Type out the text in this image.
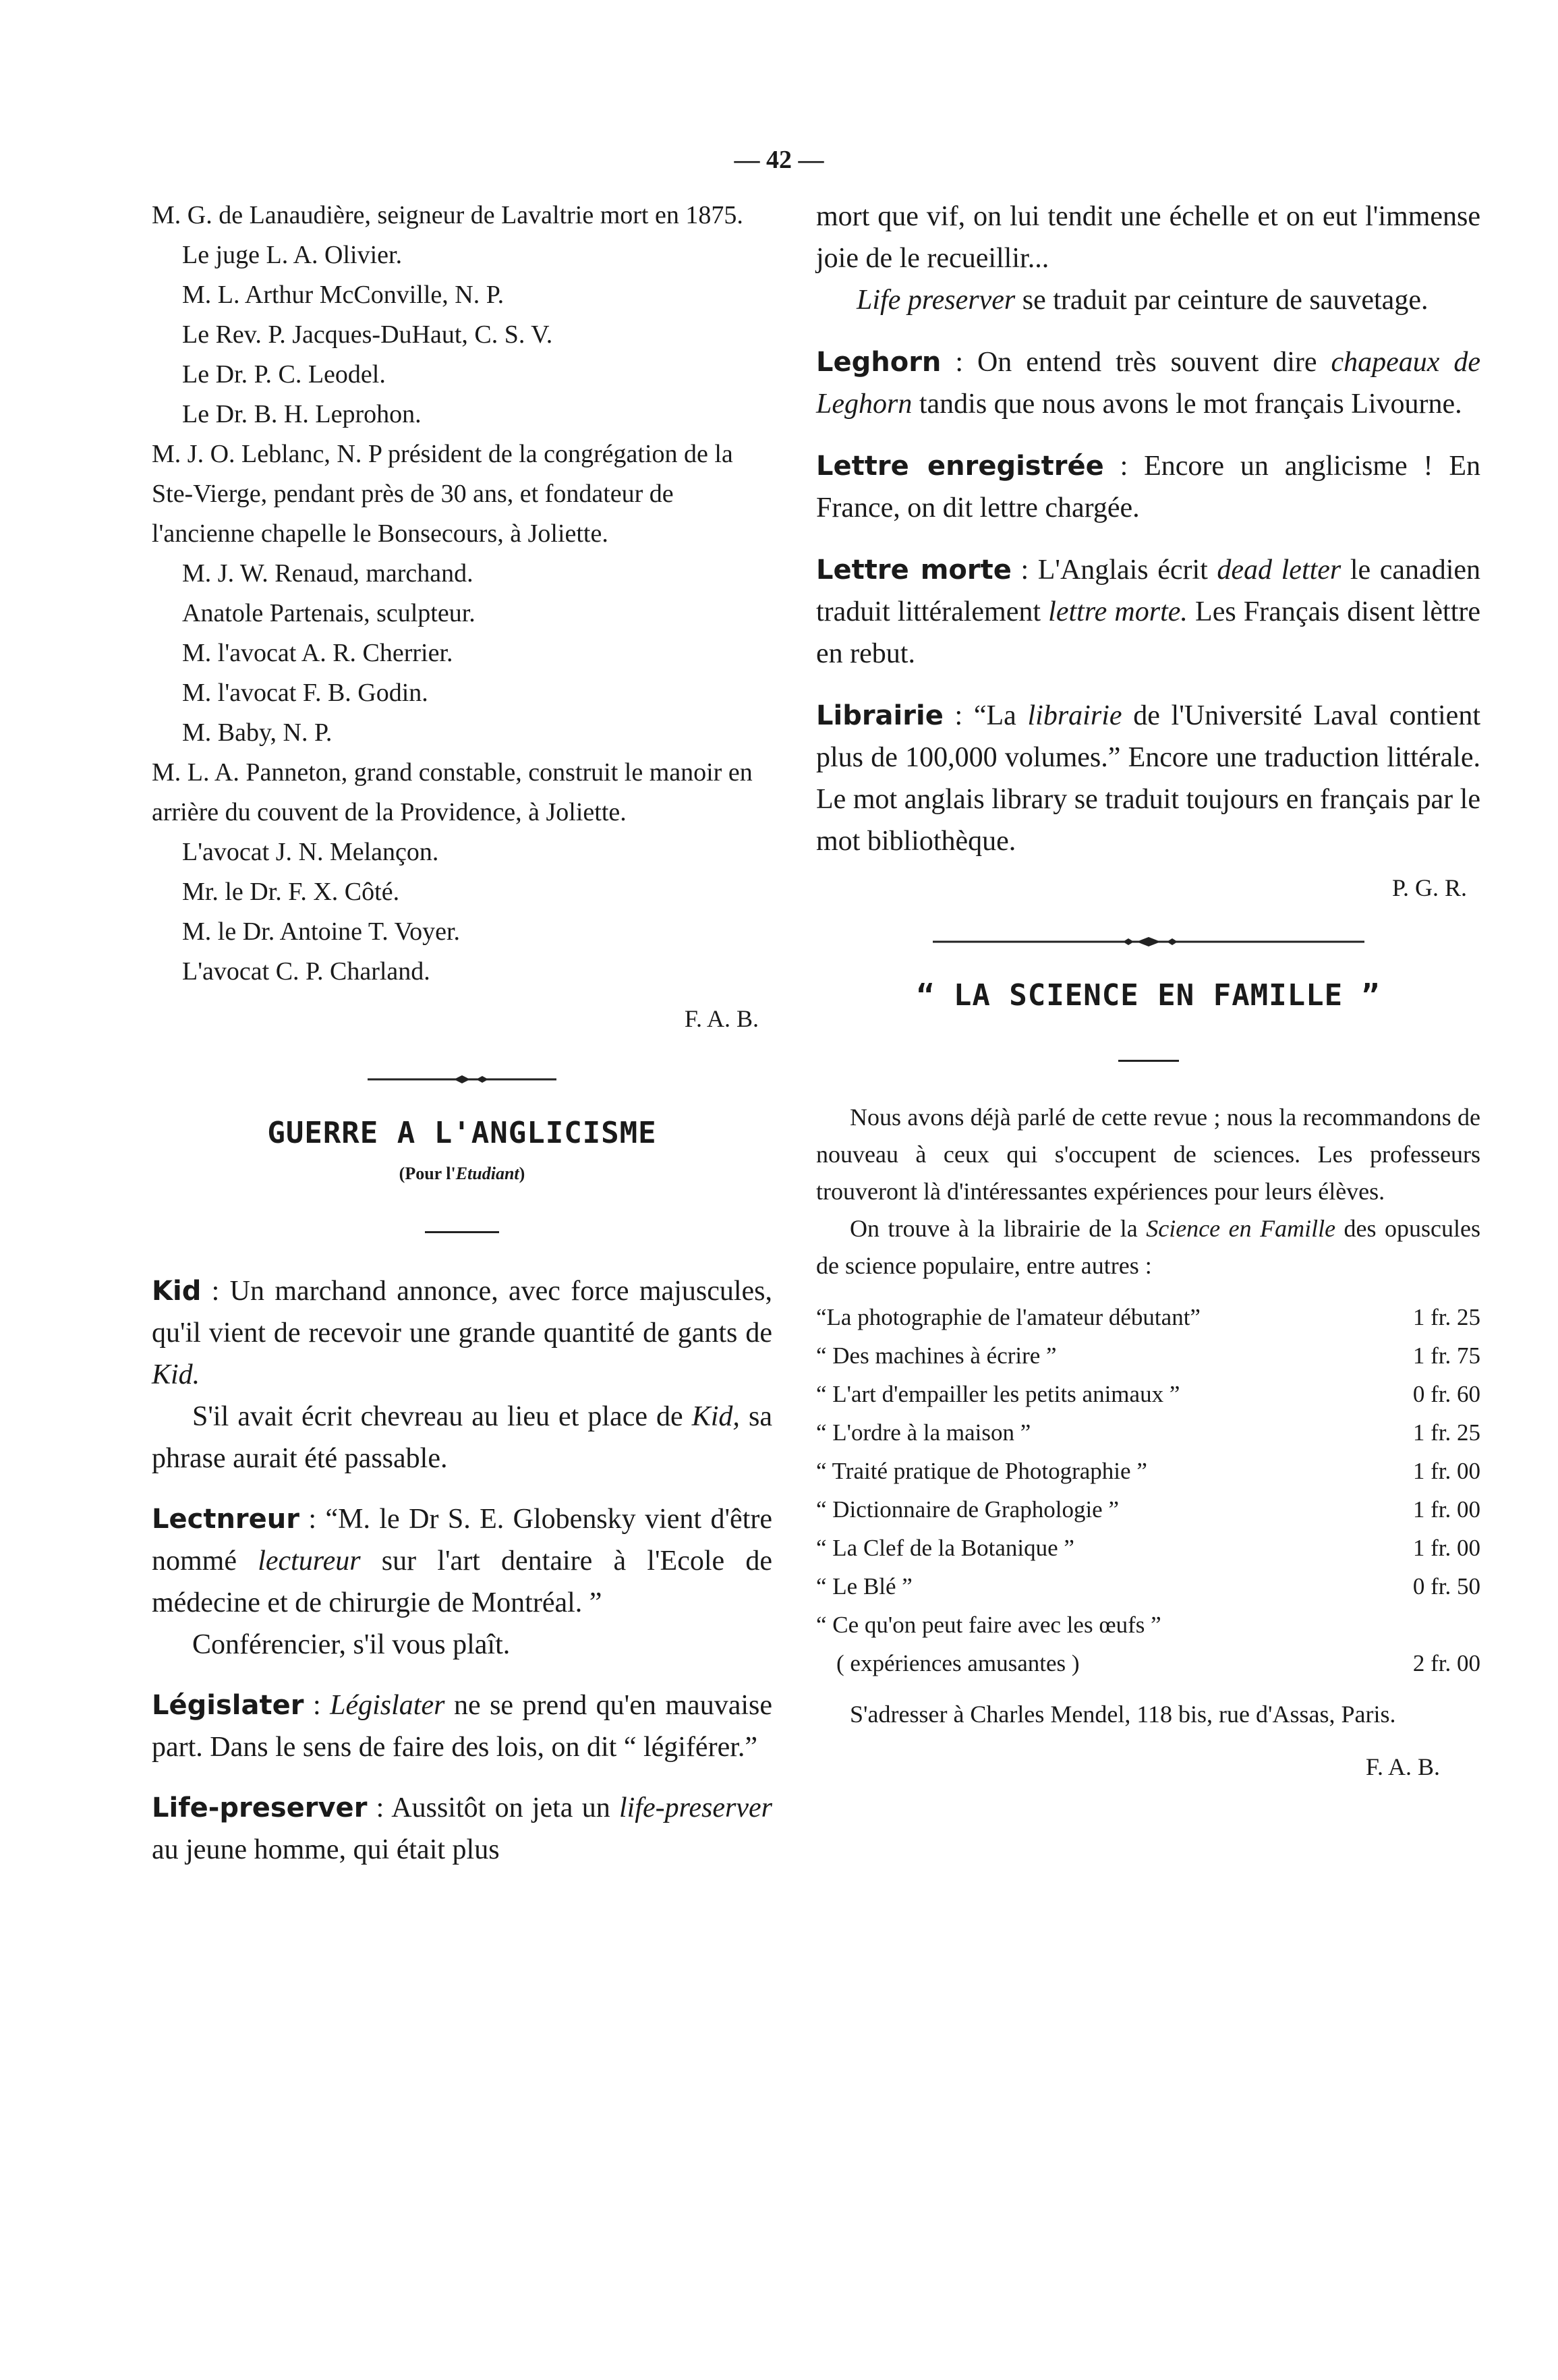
— 42 —

M. G. de Lanaudière, seigneur de Lavaltrie mort en 1875.

Le juge L. A. Olivier.

M. L. Arthur McConville, N. P.

Le Rev. P. Jacques-DuHaut, C. S. V.

Le Dr. P. C. Leodel.

Le Dr. B. H. Leprohon.

M. J. O. Leblanc, N. P président de la congrégation de la Ste-Vierge, pendant près de 30 ans, et fondateur de l'ancienne chapelle le Bonsecours, à Joliette.

M. J. W. Renaud, marchand.

Anatole Partenais, sculpteur.

M. l'avocat A. R. Cherrier.

M. l'avocat F. B. Godin.

M. Baby, N. P.

M. L. A. Panneton, grand constable, construit le manoir en arrière du couvent de la Providence, à Joliette.

L'avocat J. N. Melançon.

Mr. le Dr. F. X. Côté.

M. le Dr. Antoine T. Voyer.

L'avocat C. P. Charland.

F. A. B.

GUERRE A L'ANGLICISME

(Pour l'Etudiant)

Kid : Un marchand annonce, avec force majuscules, qu'il vient de recevoir une grande quantité de gants de Kid.
S'il avait écrit chevreau au lieu et place de Kid, sa phrase aurait été passable.

Lectnreur : “M. le Dr S. E. Globensky vient d'être nommé lectureur sur l'art dentaire à l'Ecole de médecine et de chirurgie de Montréal. ”
Conférencier, s'il vous plaît.

Législater : Législater ne se prend qu'en mauvaise part. Dans le sens de faire des lois, on dit “ légiférer.”

Life-preserver : Aussitôt on jeta un life-preserver au jeune homme, qui était plus

mort que vif, on lui tendit une échelle et on eut l'immense joie de le recueillir...

Life preserver se traduit par ceinture de sauvetage.

Leghorn : On entend très souvent dire chapeaux de Leghorn tandis que nous avons le mot français Livourne.

Lettre enregistrée : Encore un anglicisme ! En France, on dit lettre chargée.

Lettre morte : L'Anglais écrit dead letter le canadien traduit littéralement lettre morte. Les Français disent lèttre en rebut.

Librairie : “La librairie de l'Université Laval contient plus de 100,000 volumes.” Encore une traduction littérale. Le mot anglais library se traduit toujours en français par le mot bibliothèque.

P. G. R.

“ LA SCIENCE EN FAMILLE ”

Nous avons déjà parlé de cette revue ; nous la recommandons de nouveau à ceux qui s'occupent de sciences. Les professeurs trouveront là d'intéressantes expériences pour leurs élèves.

On trouve à la librairie de la Science en Famille des opuscules de science populaire, entre autres :

“La photographie de l'amateur débutant”	1 fr. 25
“ Des machines à écrire ”	1 fr. 75
“ L'art d'empailler les petits animaux ”	0 fr. 60
“ L'ordre à la maison ”	1 fr. 25
“ Traité pratique de Photographie ”	1 fr. 00
“ Dictionnaire de Graphologie ”	1 fr. 00
“ La Clef de la Botanique ”	1 fr. 00
“ Le Blé ”	0 fr. 50
“ Ce qu'on peut faire avec les œufs ”
( expériences amusantes )	2 fr. 00

S'adresser à Charles Mendel, 118 bis, rue d'Assas, Paris.

F. A. B.
